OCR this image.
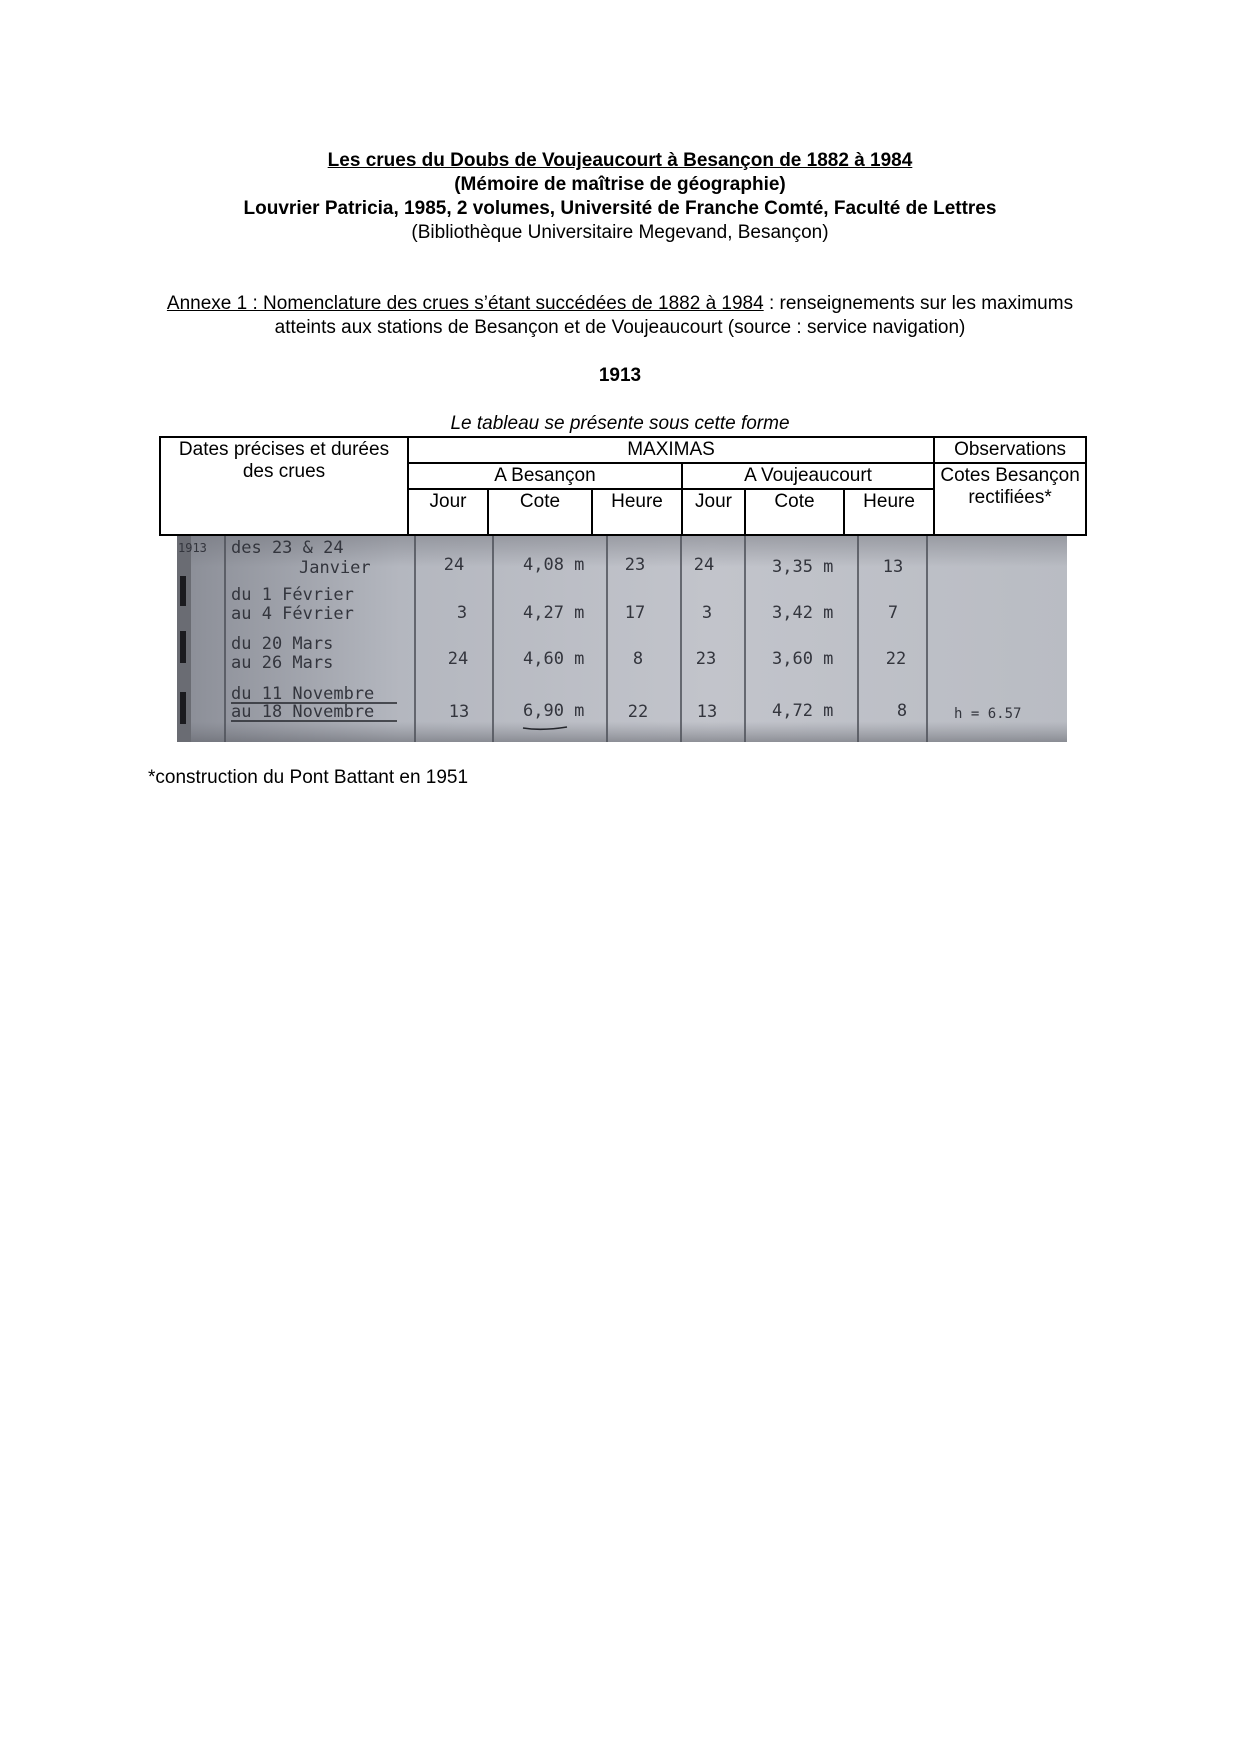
Les crues du Doubs de Voujeaucourt à Besançon de 1882 à 1984
(Mémoire de maîtrise de géographie)
Louvrier Patricia, 1985, 2 volumes, Université de Franche Comté, Faculté de Lettres
(Bibliothèque Universitaire Megevand, Besançon)
Annexe 1 : Nomenclature des crues s’étant succédées de 1882 à 1984 : renseignements sur les maximums atteints aux stations de Besançon et de Voujeaucourt (source : service navigation)
1913
Le tableau se présente sous cette forme
Dates précises et durées des crues	MAXIMAS						Observations
	A Besançon			A Voujeaucourt			Cotes Besançon rectifiées*
	Jour	Cote	Heure	Jour	Cote	Heure	
1913 des 23 & 24
Janvier	24	4,08 m 23	24	3,35 m	13
du 1 Février
au 4 Février	3	4,27 m 17	3	3,42 m	7
du 20 Mars
au 26 Mars	24	4,60 m	8	23	3,60 m	22
du 11 Novembre
au 18 Novembre	13	6,90 m	22	13	4,72 m	8	h = 6.57
*construction du Pont Battant en 1951
